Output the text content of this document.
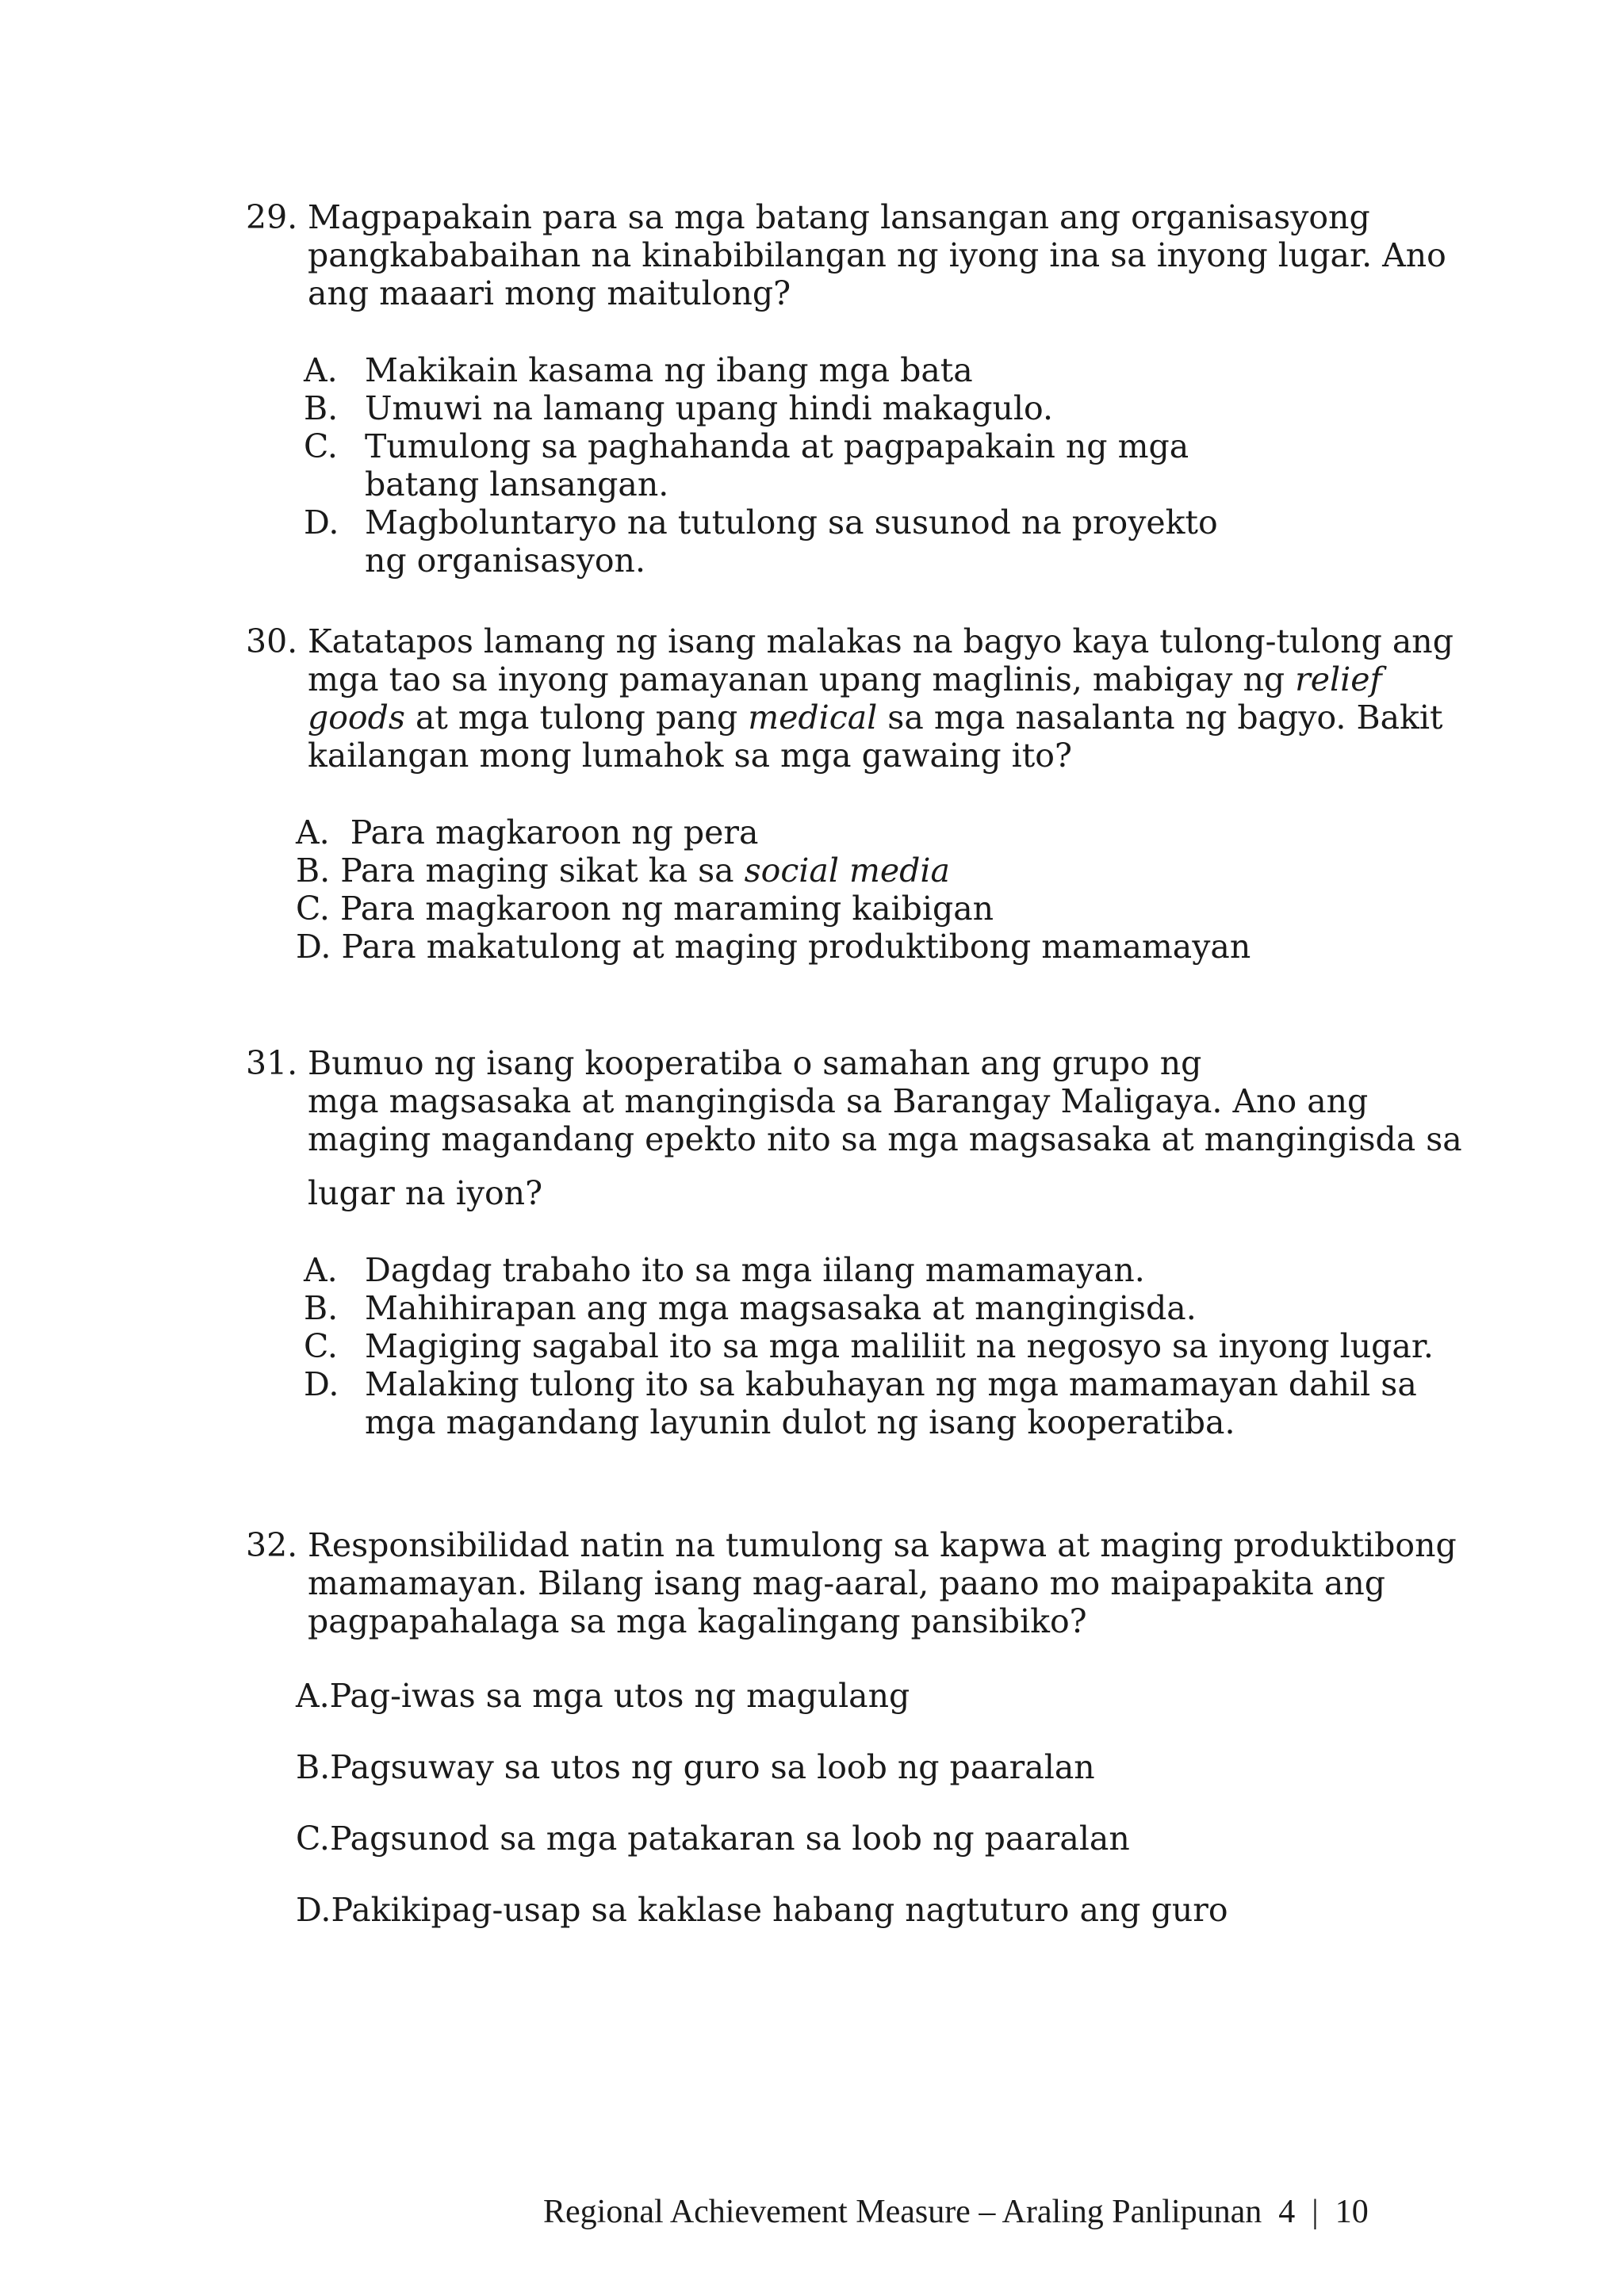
29. Magpapakain para sa mga batang lansangan ang organisasyong
pangkababaihan na kinabibilangan ng iyong ina sa inyong lugar. Ano
ang maaari mong maitulong?
A. Makikain kasama ng ibang mga bata
B. Umuwi na lamang upang hindi makagulo.
C. Tumulong sa paghahanda at pagpapakain ng mga
batang lansangan.
D. Magboluntaryo na tutulong sa susunod na proyekto
ng organisasyon.
30. Katatapos lamang ng isang malakas na bagyo kaya tulong-tulong ang
mga tao sa inyong pamayanan upang maglinis, mabigay ng relief
goods at mga tulong pang medical sa mga nasalanta ng bagyo. Bakit
kailangan mong lumahok sa mga gawaing ito?
A.  Para magkaroon ng pera
B. Para maging sikat ka sa social media
C. Para magkaroon ng maraming kaibigan
D. Para makatulong at maging produktibong mamamayan
31. Bumuo ng isang kooperatiba o samahan ang grupo ng
mga magsasaka at mangingisda sa Barangay Maligaya. Ano ang
maging magandang epekto nito sa mga magsasaka at mangingisda sa
lugar na iyon?
A. Dagdag trabaho ito sa mga iilang mamamayan.
B. Mahihirapan ang mga magsasaka at mangingisda.
C. Magiging sagabal ito sa mga maliliit na negosyo sa inyong lugar.
D. Malaking tulong ito sa kabuhayan ng mga mamamayan dahil sa
mga magandang layunin dulot ng isang kooperatiba.
32. Responsibilidad natin na tumulong sa kapwa at maging produktibong
mamamayan. Bilang isang mag-aaral, paano mo maipapakita ang
pagpapahalaga sa mga kagalingang pansibiko?
A.Pag-iwas sa mga utos ng magulang
B.Pagsuway sa utos ng guro sa loob ng paaralan
C.Pagsunod sa mga patakaran sa loob ng paaralan
D.Pakikipag-usap sa kaklase habang nagtuturo ang guro
Regional Achievement Measure – Araling Panlipunan  4  |  10
